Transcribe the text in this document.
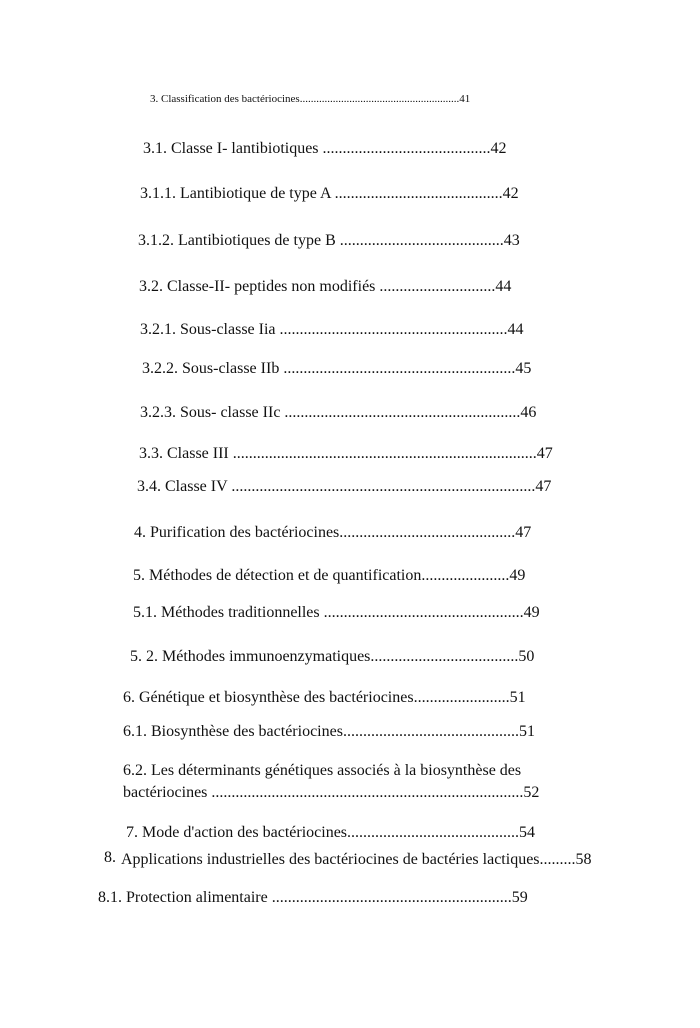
3. Classification des bactériocines..........................................................41
3.1. Classe I- lantibiotiques ..........................................42
3.1.1. Lantibiotique de type A ..........................................42
3.1.2. Lantibiotiques de type B .........................................43
3.2. Classe-II- peptides non modifiés .............................44
3.2.1. Sous-classe Iia .........................................................44
3.2.2. Sous-classe IIb ..........................................................45
3.2.3. Sous- classe IIc ...........................................................46
3.3. Classe III ............................................................................47
3.4. Classe IV ............................................................................47
4. Purification des bactériocines............................................47
5. Méthodes de détection et de quantification......................49
5.1. Méthodes traditionnelles ..................................................49
5. 2. Méthodes immunoenzymatiques.....................................50
6. Génétique et biosynthèse des bactériocines........................51
6.1. Biosynthèse des bactériocines............................................51
6.2. Les déterminants génétiques associés à la biosynthèse des
bactériocines ..............................................................................52
7. Mode d'action des bactériocines...........................................54
8. Applications industrielles des bactériocines de bactéries lactiques.........58
8.1. Protection alimentaire ............................................................59
